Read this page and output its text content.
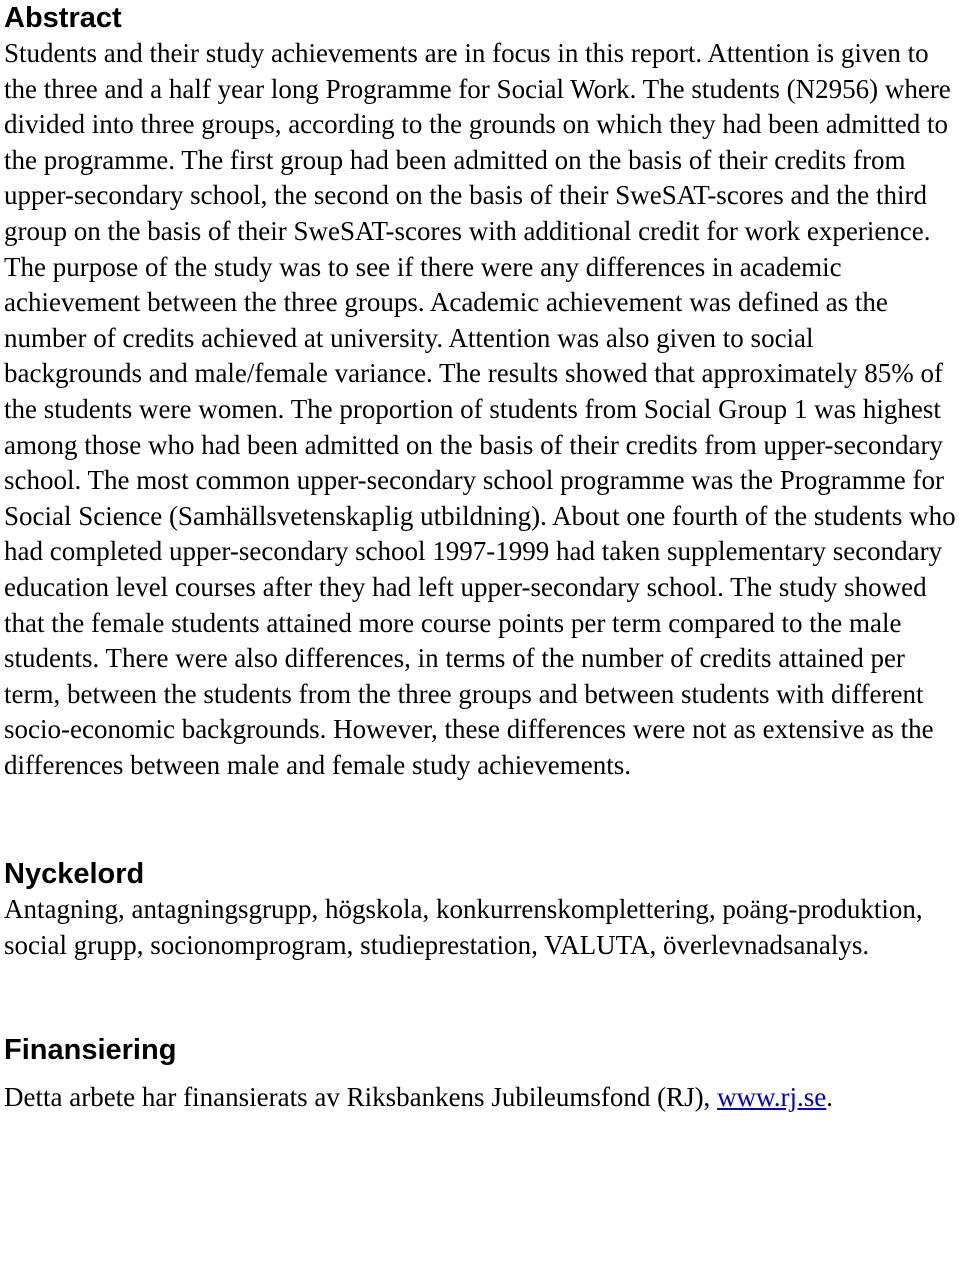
Abstract

Students and their study achievements are in focus in this report. Attention is given to the three and a half year long Programme for Social Work. The students (N2956) where divided into three groups, according to the grounds on which they had been admitted to the programme. The first group had been admitted on the basis of their credits from upper-secondary school, the second on the basis of their SweSAT-scores and the third group on the basis of their SweSAT-scores with additional credit for work experience. The purpose of the study was to see if there were any differences in academic achievement between the three groups. Academic achievement was defined as the number of credits achieved at university. Attention was also given to social backgrounds and male/female variance. The results showed that approximately 85% of the students were women. The proportion of students from Social Group 1 was highest among those who had been admitted on the basis of their credits from upper-secondary school. The most common upper-secondary school programme was the Programme for Social Science (Samhällsvetenskaplig utbildning). About one fourth of the students who had completed upper-secondary school 1997-1999 had taken supplementary secondary education level courses after they had left upper-secondary school. The study showed that the female students attained more course points per term compared to the male students. There were also differences, in terms of the number of credits attained per term, between the students from the three groups and between students with different socio-economic backgrounds. However, these differences were not as extensive as the differences between male and female study achievements.

Nyckelord

Antagning, antagningsgrupp, högskola, konkurrenskomplettering, poäng-produktion, social grupp, socionomprogram, studieprestation, VALUTA, överlevnadsanalys.

Finansiering

Detta arbete har finansierats av Riksbankens Jubileumsfond (RJ), www.rj.se.
